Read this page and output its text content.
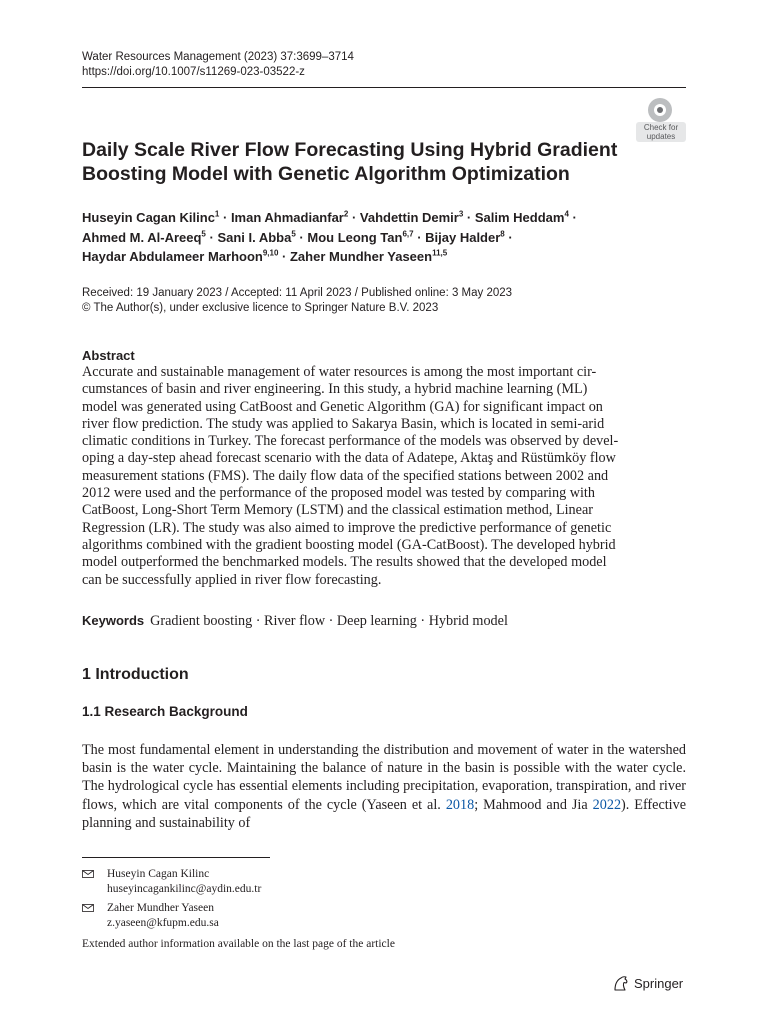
Water Resources Management (2023) 37:3699–3714
https://doi.org/10.1007/s11269-023-03522-z
Check for
updates
Daily Scale River Flow Forecasting Using Hybrid Gradient Boosting Model with Genetic Algorithm Optimization
Huseyin Cagan Kilinc$^1$ · Iman Ahmadianfar$^2$ · Vahdettin Demir$^3$ · Salim Heddam$^4$ ·
Ahmed M. Al-Areeq$^5$ · Sani I. Abba$^5$ · Mou Leong Tan$^{6,7}$ · Bijay Halder$^8$ ·
Haydar Abdulameer Marhoon$^{9,10}$ · Zaher Mundher Yaseen$^{11,5}$
Received: 19 January 2023 / Accepted: 11 April 2023 / Published online: 3 May 2023
© The Author(s), under exclusive licence to Springer Nature B.V. 2023
Abstract

Accurate and sustainable management of water resources is among the most important cir-
cumstances of basin and river engineering. In this study, a hybrid machine learning (ML)
model was generated using CatBoost and Genetic Algorithm (GA) for significant impact on
river flow prediction. The study was applied to Sakarya Basin, which is located in semi-arid
climatic conditions in Turkey. The forecast performance of the models was observed by devel-
oping a day-step ahead forecast scenario with the data of Adatepe, Aktaş and Rüstümköy flow
measurement stations (FMS). The daily flow data of the specified stations between 2002 and
2012 were used and the performance of the proposed model was tested by comparing with
CatBoost, Long-Short Term Memory (LSTM) and the classical estimation method, Linear
Regression (LR). The study was also aimed to improve the predictive performance of genetic
algorithms combined with the gradient boosting model (GA-CatBoost). The developed hybrid
model outperformed the benchmarked models. The results showed that the developed model
can be successfully applied in river flow forecasting.

Keywords Gradient boosting · River flow · Deep learning · Hybrid model
1 Introduction
1.1 Research Background

The most fundamental element in understanding the distribution and movement of water in the watershed basin is the water cycle. Maintaining the balance of nature in the basin is possible with the water cycle. The hydrological cycle has essential elements including precipitation, evaporation, transpiration, and river flows, which are vital components of the cycle (Yaseen et al. 2018; Mahmood and Jia 2022). Effective planning and sustainability of

Huseyin Cagan Kilinc
huseyincagankilinc@aydin.edu.tr
Zaher Mundher Yaseen
z.yaseen@kfupm.edu.sa
Extended author information available on the last page of the article
Springer
